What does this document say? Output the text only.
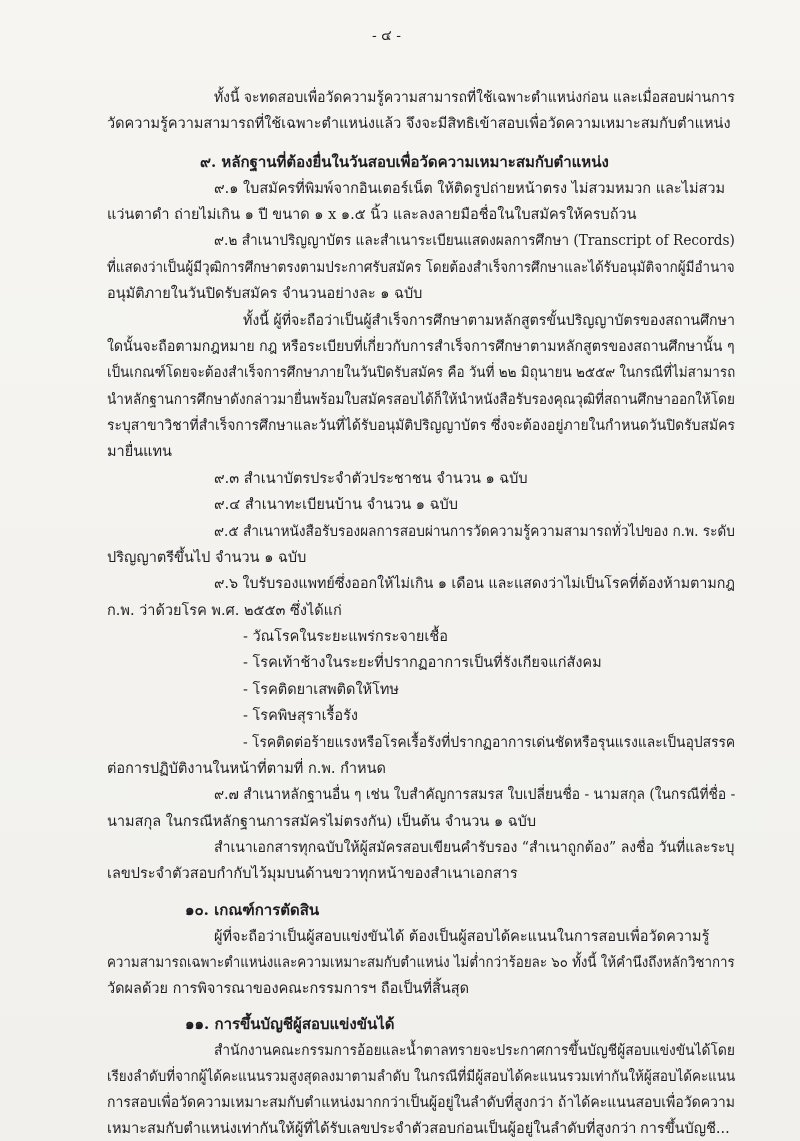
- ๔ -
ทั้งนี้ จะทดสอบเพื่อวัดความรู้ความสามารถที่ใช้เฉพาะตำแหน่งก่อน และเมื่อสอบผ่านการ
วัดความรู้ความสามารถที่ใช้เฉพาะตำแหน่งแล้ว จึงจะมีสิทธิเข้าสอบเพื่อวัดความเหมาะสมกับตำแหน่ง
๙. หลักฐานที่ต้องยื่นในวันสอบเพื่อวัดความเหมาะสมกับตำแหน่ง
๙.๑ ใบสมัครที่พิมพ์จากอินเตอร์เน็ต ให้ติดรูปถ่ายหน้าตรง ไม่สวมหมวก และไม่สวม
แว่นตาดำ ถ่ายไม่เกิน ๑ ปี ขนาด ๑ x ๑.๕ นิ้ว และลงลายมือชื่อในใบสมัครให้ครบถ้วน
๙.๒ สำเนาปริญญาบัตร และสำเนาระเบียนแสดงผลการศึกษา (Transcript of Records)
ที่แสดงว่าเป็นผู้มีวุฒิการศึกษาตรงตามประกาศรับสมัคร โดยต้องสำเร็จการศึกษาและได้รับอนุมัติจากผู้มีอำนาจ
อนุมัติภายในวันปิดรับสมัคร จำนวนอย่างละ ๑ ฉบับ
ทั้งนี้ ผู้ที่จะถือว่าเป็นผู้สำเร็จการศึกษาตามหลักสูตรขั้นปริญญาบัตรของสถานศึกษา
ใดนั้นจะถือตามกฎหมาย กฎ หรือระเบียบที่เกี่ยวกับการสำเร็จการศึกษาตามหลักสูตรของสถานศึกษานั้น ๆ
เป็นเกณฑ์โดยจะต้องสำเร็จการศึกษาภายในวันปิดรับสมัคร คือ วันที่ ๒๒ มิถุนายน ๒๕๕๙ ในกรณีที่ไม่สามารถ
นำหลักฐานการศึกษาดังกล่าวมายื่นพร้อมใบสมัครสอบได้ก็ให้นำหนังสือรับรองคุณวุฒิที่สถานศึกษาออกให้โดย
ระบุสาขาวิชาที่สำเร็จการศึกษาและวันที่ได้รับอนุมัติปริญญาบัตร ซึ่งจะต้องอยู่ภายในกำหนดวันปิดรับสมัคร
มายื่นแทน
๙.๓ สำเนาบัตรประจำตัวประชาชน จำนวน ๑ ฉบับ
๙.๔ สำเนาทะเบียนบ้าน จำนวน ๑ ฉบับ
๙.๕ สำเนาหนังสือรับรองผลการสอบผ่านการวัดความรู้ความสามารถทั่วไปของ ก.พ. ระดับ
ปริญญาตรีขึ้นไป จำนวน ๑ ฉบับ
๙.๖ ใบรับรองแพทย์ซึ่งออกให้ไม่เกิน ๑ เดือน และแสดงว่าไม่เป็นโรคที่ต้องห้ามตามกฎ
ก.พ. ว่าด้วยโรค พ.ศ. ๒๕๕๓ ซึ่งได้แก่
- วัณโรคในระยะแพร่กระจายเชื้อ
- โรคเท้าช้างในระยะที่ปรากฏอาการเป็นที่รังเกียจแก่สังคม
- โรคติดยาเสพติดให้โทษ
- โรคพิษสุราเรื้อรัง
- โรคติดต่อร้ายแรงหรือโรคเรื้อรังที่ปรากฏอาการเด่นชัดหรือรุนแรงและเป็นอุปสรรค
ต่อการปฏิบัติงานในหน้าที่ตามที่ ก.พ. กำหนด
๙.๗ สำเนาหลักฐานอื่น ๆ เช่น ใบสำคัญการสมรส ใบเปลี่ยนชื่อ - นามสกุล (ในกรณีที่ชื่อ -
นามสกุล ในกรณีหลักฐานการสมัครไม่ตรงกัน) เป็นต้น จำนวน ๑ ฉบับ
สำเนาเอกสารทุกฉบับให้ผู้สมัครสอบเขียนคำรับรอง “สำเนาถูกต้อง” ลงชื่อ วันที่และระบุ
เลขประจำตัวสอบกำกับไว้มุมบนด้านขวาทุกหน้าของสำเนาเอกสาร
๑๐. เกณฑ์การตัดสิน
ผู้ที่จะถือว่าเป็นผู้สอบแข่งขันได้ ต้องเป็นผู้สอบได้คะแนนในการสอบเพื่อวัดความรู้
ความสามารถเฉพาะตำแหน่งและความเหมาะสมกับตำแหน่ง ไม่ต่ำกว่าร้อยละ ๖๐ ทั้งนี้ ให้คำนึงถึงหลักวิชาการ
วัดผลด้วย การพิจารณาของคณะกรรมการฯ ถือเป็นที่สิ้นสุด
๑๑. การขึ้นบัญชีผู้สอบแข่งขันได้
สำนักงานคณะกรรมการอ้อยและน้ำตาลทรายจะประกาศการขึ้นบัญชีผู้สอบแข่งขันได้โดย
เรียงลำดับที่จากผู้ได้คะแนนรวมสูงสุดลงมาตามลำดับ ในกรณีที่มีผู้สอบได้คะแนนรวมเท่ากันให้ผู้สอบได้คะแนน
การสอบเพื่อวัดความเหมาะสมกับตำแหน่งมากกว่าเป็นผู้อยู่ในลำดับที่สูงกว่า ถ้าได้คะแนนสอบเพื่อวัดความ
เหมาะสมกับตำแหน่งเท่ากันให้ผู้ที่ได้รับเลขประจำตัวสอบก่อนเป็นผู้อยู่ในลำดับที่สูงกว่า การขึ้นบัญชี...
